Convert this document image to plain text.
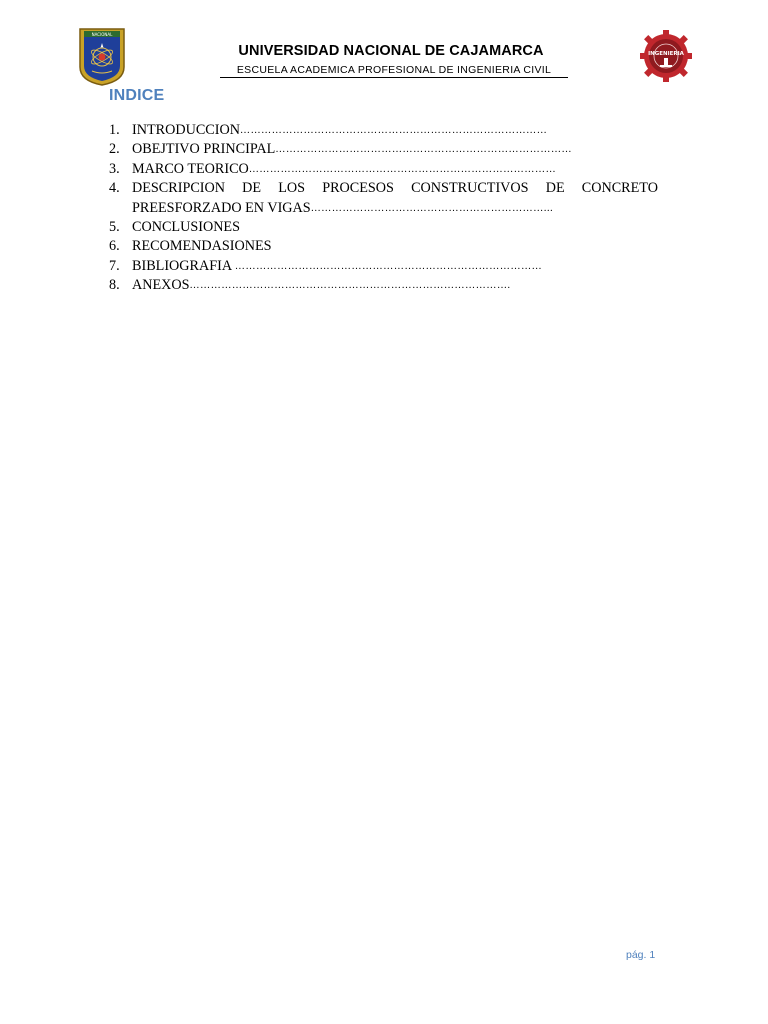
NACIONAL
INGENIERIA
UNIVERSIDAD NACIONAL DE CAJAMARCA
ESCUELA ACADEMICA PROFESIONAL DE INGENIERIA CIVIL
INDICE
1. INTRODUCCION ……………………………………………………………………………
2. OBEJTIVO PRINCIPAL …………………………………………………………………………
3. MARCO TEORICO ……………………………………………………………………………
4. DESCRIPCION DE LOS PROCESOS CONSTRUCTIVOS DE CONCRETO
PREESFORZADO EN VIGAS …………………………………………………………...
5. CONCLUSIONES
6. RECOMENDASIONES
7. BIBLIOGRAFIA ……………………………………………………………………………
8. ANEXOS ……………………………………………………………………………….
pág. 1
